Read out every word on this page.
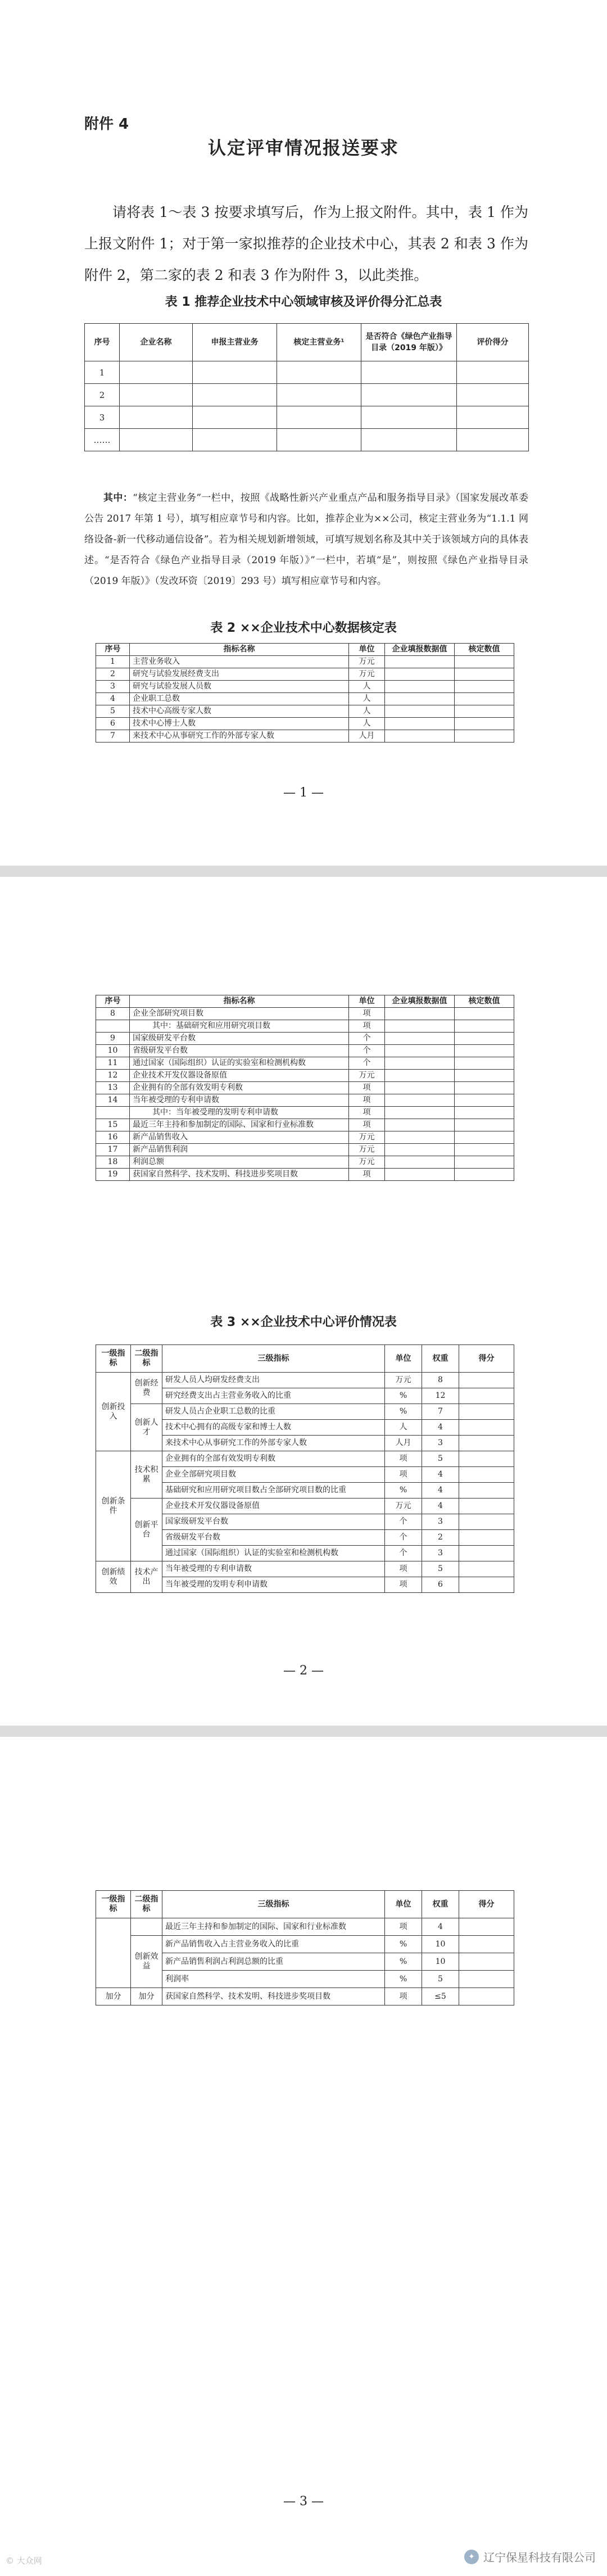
附件 4
认定评审情况报送要求
请将表 1～表 3 按要求填写后，作为上报文附件。其中，表 1 作为上报文附件 1；对于第一家拟推荐的企业技术中心，其表 2 和表 3 作为附件 2，第二家的表 2 和表 3 作为附件 3，以此类推。
表 1 推荐企业技术中心领域审核及评价得分汇总表
序号	企业名称	申报主营业务	核定主营业务¹	是否符合《绿色产业指导目录（2019 年版）》	评价得分
1					
2					
3					
……					
其中：“核定主营业务”一栏中，按照《战略性新兴产业重点产品和服务指导目录》（国家发展改革委公告 2017 年第 1 号），填写相应章节号和内容。比如，推荐企业为××公司，核定主营业务为“1.1.1 网络设备-新一代移动通信设备”。若为相关规划新增领域，可填写规划名称及其中关于该领域方向的具体表述。“是否符合《绿色产业指导目录（2019 年版）》”一栏中，若填“是”，则按照《绿色产业指导目录（2019 年版）》（发改环资〔2019〕293 号）填写相应章节号和内容。
表 2 ××企业技术中心数据核定表
序号	指标名称	单位	企业填报数据值	核定数值
1	主营业务收入	万元		
2	研究与试验发展经费支出	万元		
3	研究与试验发展人员数	人		
4	企业职工总数	人		
5	技术中心高级专家人数	人		
6	技术中心博士人数	人		
7	来技术中心从事研究工作的外部专家人数	人月		
— 1 —
— 2 —
序号	指标名称	单位	企业填报数据值	核定数值
8	企业全部研究项目数	项		
	其中：基础研究和应用研究项目数	项		
9	国家级研发平台数	个		
10	省级研发平台数	个		
11	通过国家（国际组织）认证的实验室和检测机构数	个		
12	企业技术开发仪器设备原值	万元		
13	企业拥有的全部有效发明专利数	项		
14	当年被受理的专利申请数	项		
	其中：当年被受理的发明专利申请数	项		
15	最近三年主持和参加制定的国际、国家和行业标准数	项		
16	新产品销售收入	万元		
17	新产品销售利润	万元		
18	利润总额	万元		
19	获国家自然科学、技术发明、科技进步奖项目数	项		
表 3 ××企业技术中心评价情况表
一级指标	二级指标	三级指标	单位	权重	得分
创新投入	创新经费	研发人员人均研发经费支出	万元	8	
		研究经费支出占主营业务收入的比重	%	12	
	创新人才	研发人员占企业职工总数的比重	%	7	
		技术中心拥有的高级专家和博士人数	人	4	
		来技术中心从事研究工作的外部专家人数	人月	3	
创新条件	技术积累	企业拥有的全部有效发明专利数	项	5	
		企业全部研究项目数	项	4	
		基础研究和应用研究项目数占全部研究项目数的比重	%	4	
	创新平台	企业技术开发仪器设备原值	万元	4	
		国家级研发平台数	个	3	
		省级研发平台数	个	2	
		通过国家（国际组织）认证的实验室和检测机构数	个	3	
创新绩效	技术产出	当年被受理的专利申请数	项	5	
		当年被受理的发明专利申请数	项	6	
— 3 —
一级指标	二级指标	三级指标	单位	权重	得分
		最近三年主持和参加制定的国际、国家和行业标准数	项	4	
	创新效益	新产品销售收入占主营业务收入的比重	%	10	
		新产品销售利润占利润总额的比重	%	10	
		利润率	%	5	
加分	加分	获国家自然科学、技术发明、科技进步奖项目数	项	≤5	
© 大众网	✦ 辽宁保星科技有限公司
